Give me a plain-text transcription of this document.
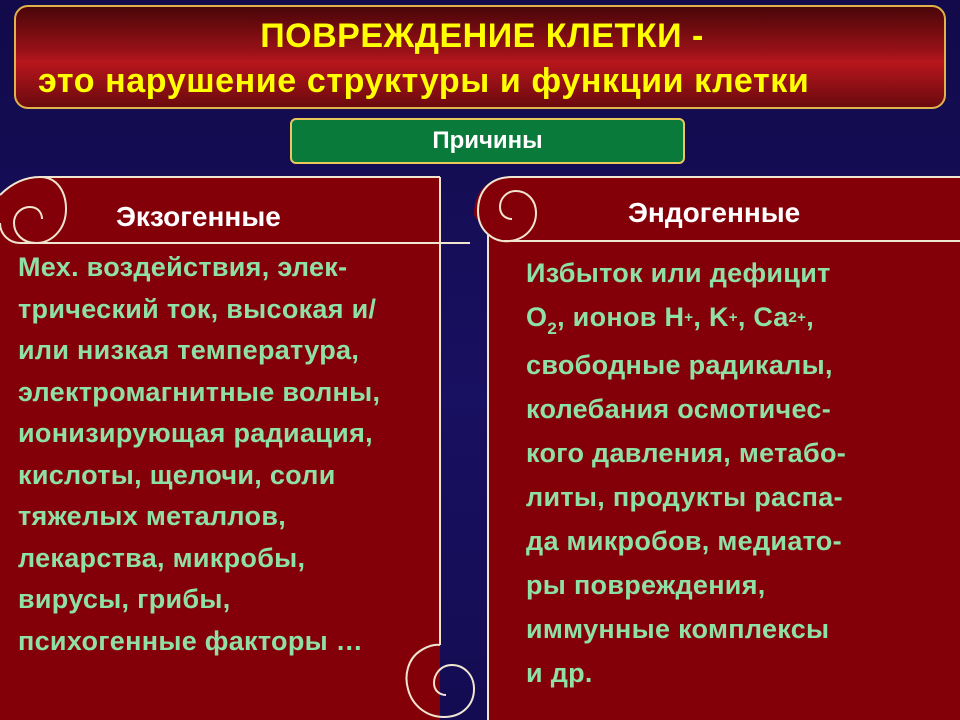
ПОВРЕЖДЕНИЕ КЛЕТКИ -
это нарушение структуры и функции клетки
Причины
Экзогенные
Мех. воздействия, элек-
трический ток, высокая и/
или низкая температура,
электромагнитные волны,
ионизирующая радиация,
кислоты, щелочи, соли
тяжелых металлов,
лекарства, микробы,
вирусы, грибы,
психогенные факторы …
Эндогенные
Избыток или дефицит
$O_2$, ионов H+, K+, $Ca^{2+}$,
свободные радикалы,
колебания осмотичес-
кого давления, метабо-
литы, продукты распа-
да микробов, медиато-
ры повреждения,
иммунные комплексы
и др.
